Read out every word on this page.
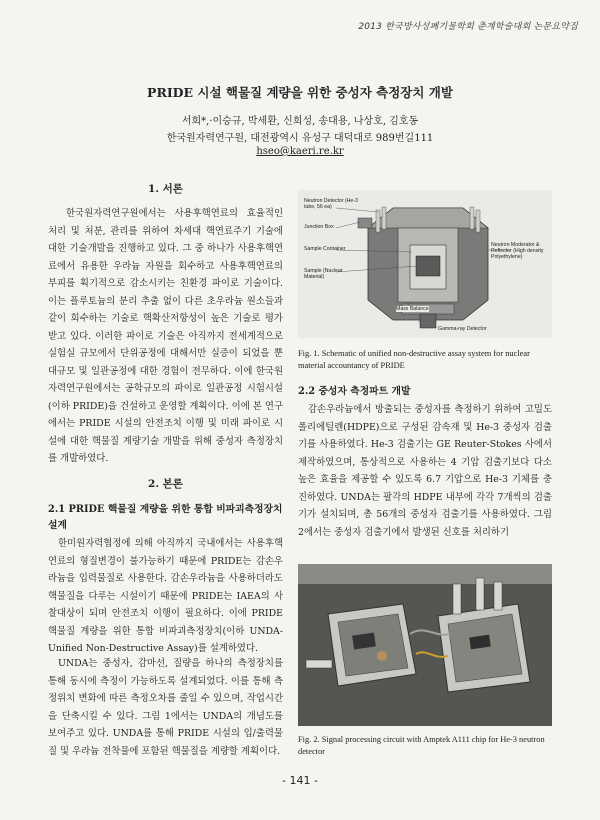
2013 한국방사성폐기물학회 춘계학술대회 논문요약집
PRIDE 시설 핵물질 계량을 위한 중성자 측정장치 개발
서희*,·이승규, 박세환, 신희성, 송대용, 나상호, 김호동
한국원자력연구원, 대전광역시 유성구 대덕대로 989번길111
hseo@kaeri.re.kr
1. 서론
한국원자력연구원에서는 사용후핵연료의 효율적인 처리 및 처분, 관리를 위하여 차세대 핵연료주기 기술에 대한 기술개발을 진행하고 있다. 그 중 하나가 사용후핵연료에서 유용한 우라늄 자원을 회수하고 사용후핵연료의 부피를 획기적으로 감소시키는 친환경 파이로 기술이다. 이는 플루토늄의 분리 추출 없이 다른 초우라늄 원소들과 같이 회수하는 기술로 핵확산저항성이 높은 기술로 평가받고 있다. 이러한 파이로 기술은 아직까지 전세계적으로 실험실 규모에서 단위공정에 대해서만 실증이 되었을 뿐 대규모 및 일관공정에 대한 경험이 전무하다. 이에 한국원자력연구원에서는 공학규모의 파이로 일관공정 시험시설(이하 PRIDE)을 건설하고 운영할 계획이다. 이에 본 연구에서는 PRIDE 시설의 안전조치 이행 및 미래 파이로 시설에 대한 핵물질 계량기술 개발을 위해 중성자 측정장치를 개발하였다.
2. 본론
2.1 PRIDE 핵물질 계량을 위한 통합 비파괴측정장치 설계
한미원자력협정에 의해 아직까지 국내에서는 사용후핵연료의 형질변경이 불가능하기 때문에 PRIDE는 감손우라늄을 입력물질로 사용한다. 감손우라늄을 사용하더라도 핵물질을 다루는 시설이기 때문에 PRIDE는 IAEA의 사찰대상이 되며 안전조치 이행이 필요하다. 이에 PRIDE 핵물질 계량을 위한 통합 비파괴측정장치(이하 UNDA-Unified Non-Destructive Assay)를 설계하였다.
UNDA는 중성자, 감마선, 질량을 하나의 측정장치를 통해 동시에 측정이 가능하도록 설계되었다. 이를 통해 측정위치 변화에 따른 측정오차를 줄일 수 있으며, 작업시간을 단축시킬 수 있다. 그림 1에서는 UNDA의 개념도를 보여주고 있다. UNDA를 통해 PRIDE 시설의 입/출력물질 및 우라늄 전착물에 포함된 핵물질을 계량할 계획이다.
Neutron Detector (He-3 tube, 56 ea)
Junction Box
Sample Container
Sample (Nuclear Material)
Neutron Moderator & Reflector (High density Polyethylene)
Mass Balance
Gamma-ray Detector
Fig. 1. Schematic of unified non-destructive assay system for nuclear material accountancy of PRIDE
2.2 중성자 측정파트 개발
감손우라늄에서 방출되는 중성자를 측정하기 위하여 고밀도 폴리에틸렌(HDPE)으로 구성된 감속재 및 He-3 중성자 검출기를 사용하였다. He-3 검출기는 GE Reuter-Stokes 사에서 제작하였으며, 통상적으로 사용하는 4 기압 검출기보다 다소 높은 효율을 제공할 수 있도록 6.7 기압으로 He-3 기체를 충진하였다. UNDA는 팔각의 HDPE 내부에 각각 7개씩의 검출기가 설치되며, 총 56개의 중성자 검출기를 사용하였다. 그림 2에서는 중성자 검출기에서 발생된 신호를 처리하기
Fig. 2. Signal processing circuit with Amptek A111 chip for He-3 neutron detector
- 141 -
